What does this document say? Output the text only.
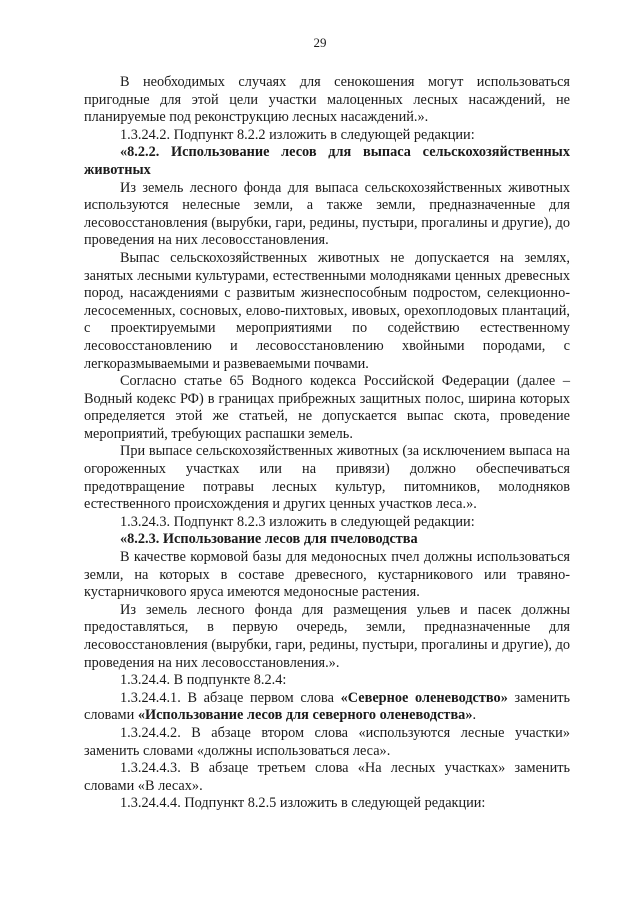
29

В необходимых случаях для сенокошения могут использоваться пригодные для этой цели участки малоценных лесных насаждений, не планируемые под реконструкцию лесных насаждений.».

1.3.24.2. Подпункт 8.2.2 изложить в следующей редакции:

«8.2.2. Использование лесов для выпаса сельскохозяйственных животных

Из земель лесного фонда для выпаса сельскохозяйственных животных используются нелесные земли, а также земли, предназначенные для лесовосстановления (вырубки, гари, редины, пустыри, прогалины и другие), до проведения на них лесовосстановления.

Выпас сельскохозяйственных животных не допускается на землях, занятых лесными культурами, естественными молодняками ценных древесных пород, насаждениями с развитым жизнеспособным подростом, селекционно-лесосеменных, сосновых, елово-пихтовых, ивовых, орехоплодовых плантаций, с проектируемыми мероприятиями по содействию естественному лесовосстановлению и лесовосстановлению хвойными породами, с легкоразмываемыми и развеваемыми почвами.

Согласно статье 65 Водного кодекса Российской Федерации (далее – Водный кодекс РФ) в границах прибрежных защитных полос, ширина которых определяется этой же статьей, не допускается выпас скота, проведение мероприятий, требующих распашки земель.

При выпасе сельскохозяйственных животных (за исключением выпаса на огороженных участках или на привязи) должно обеспечиваться предотвращение потравы лесных культур, питомников, молодняков естественного происхождения и других ценных участков леса.».

1.3.24.3. Подпункт 8.2.3 изложить в следующей редакции:

«8.2.3. Использование лесов для пчеловодства

В качестве кормовой базы для медоносных пчел должны использоваться земли, на которых в составе древесного, кустарникового или травяно-кустарничкового яруса имеются медоносные растения.

Из земель лесного фонда для размещения ульев и пасек должны предоставляться, в первую очередь, земли, предназначенные для лесовосстановления (вырубки, гари, редины, пустыри, прогалины и другие), до проведения на них лесовосстановления.».

1.3.24.4. В подпункте 8.2.4:

1.3.24.4.1. В абзаце первом слова «Северное оленеводство» заменить словами «Использование лесов для северного оленеводства».

1.3.24.4.2. В абзаце втором слова «используются лесные участки» заменить словами «должны использоваться леса».

1.3.24.4.3. В абзаце третьем слова «На лесных участках» заменить словами «В лесах».

1.3.24.4.4. Подпункт 8.2.5 изложить в следующей редакции:
